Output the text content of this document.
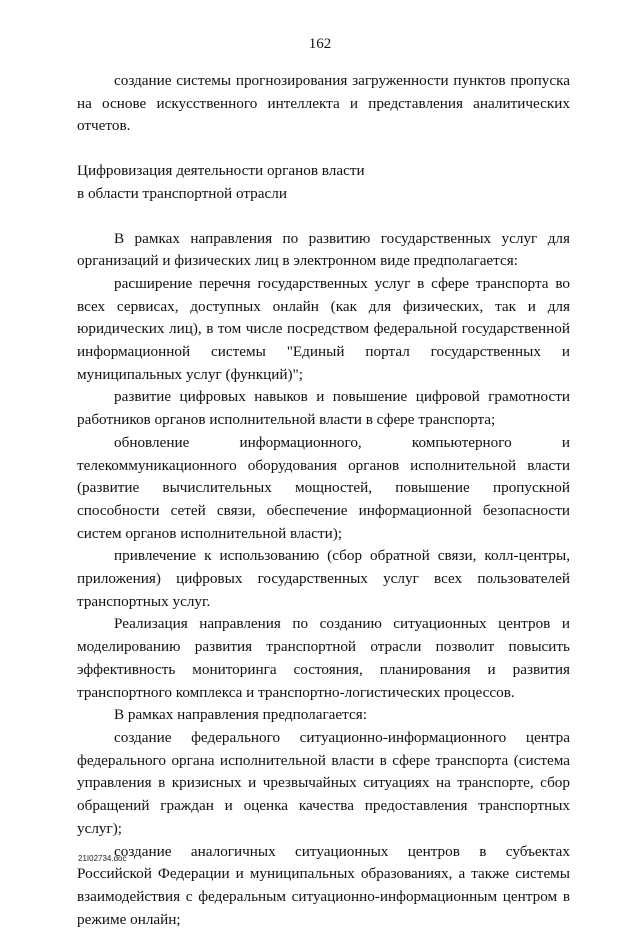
162

создание системы прогнозирования загруженности пунктов пропуска на основе искусственного интеллекта и представления аналитических отчетов.

Цифровизация деятельности органов власти
в области транспортной отрасли

В рамках направления по развитию государственных услуг для организаций и физических лиц в электронном виде предполагается:

расширение перечня государственных услуг в сфере транспорта во всех сервисах, доступных онлайн (как для физических, так и для юридических лиц), в том числе посредством федеральной государственной информационной системы "Единый портал государственных и муниципальных услуг (функций)";

развитие цифровых навыков и повышение цифровой грамотности работников органов исполнительной власти в сфере транспорта;

обновление информационного, компьютерного и телекоммуникационного оборудования органов исполнительной власти (развитие вычислительных мощностей, повышение пропускной способности сетей связи, обеспечение информационной безопасности систем органов исполнительной власти);

привлечение к использованию (сбор обратной связи, колл-центры, приложения) цифровых государственных услуг всех пользователей транспортных услуг.

Реализация направления по созданию ситуационных центров и моделированию развития транспортной отрасли позволит повысить эффективность мониторинга состояния, планирования и развития транспортного комплекса и транспортно-логистических процессов.

В рамках направления предполагается:

создание федерального ситуационно-информационного центра федерального органа исполнительной власти в сфере транспорта (система управления в кризисных и чрезвычайных ситуациях на транспорте, сбор обращений граждан и оценка качества предоставления транспортных услуг);

создание аналогичных ситуационных центров в субъектах Российской Федерации и муниципальных образованиях, а также системы взаимодействия с федеральным ситуационно-информационным центром в режиме онлайн;

21I02734.doc
